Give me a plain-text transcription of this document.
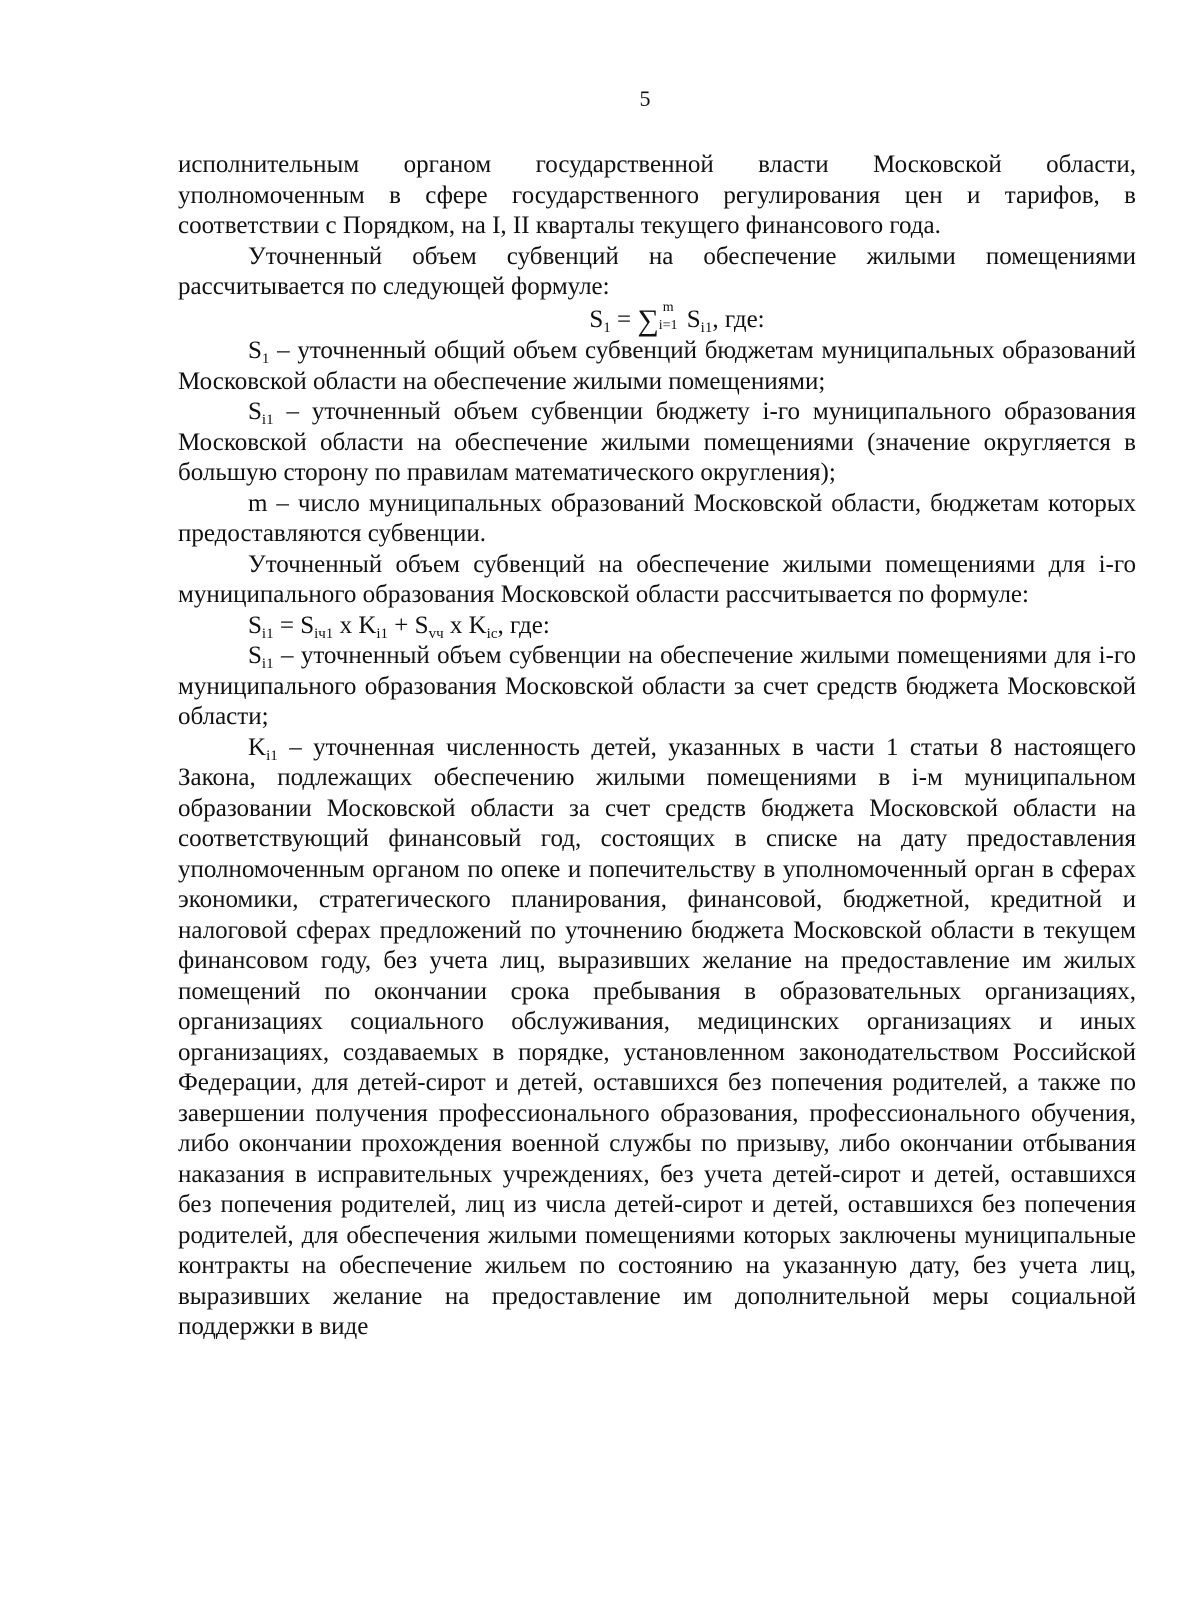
5

исполнительным органом государственной власти Московской области, уполномоченным в сфере государственного регулирования цен и тарифов, в соответствии с Порядком, на I, II кварталы текущего финансового года.

Уточненный объем субвенций на обеспечение жилыми помещениями рассчитывается по следующей формуле:

$S_1$ = ∑ m
i=1 $S_{i1}$, где:

$S_1$ – уточненный общий объем субвенций бюджетам муниципальных образований Московской области на обеспечение жилыми помещениями;

$S_{i1}$ – уточненный объем субвенции бюджету i-го муниципального образования Московской области на обеспечение жилыми помещениями (значение округляется в большую сторону по правилам математического округления);

m – число муниципальных образований Московской области, бюджетам которых предоставляются субвенции.

Уточненный объем субвенций на обеспечение жилыми помещениями для i-го муниципального образования Московской области рассчитывается по формуле:

$S_{i1} = S_{iч1}$ x $K_{i1} + S_{vч}$ x $K_{ic}$, где:

$S_{i1}$ – уточненный объем субвенции на обеспечение жилыми помещениями для i-го муниципального образования Московской области за счет средств бюджета Московской области;

$K_{i1}$ – уточненная численность детей, указанных в части 1 статьи 8 настоящего Закона, подлежащих обеспечению жилыми помещениями в i-м муниципальном образовании Московской области за счет средств бюджета Московской области на соответствующий финансовый год, состоящих в списке на дату предоставления уполномоченным органом по опеке и попечительству в уполномоченный орган в сферах экономики, стратегического планирования, финансовой, бюджетной, кредитной и налоговой сферах предложений по уточнению бюджета Московской области в текущем финансовом году, без учета лиц, выразивших желание на предоставление им жилых помещений по окончании срока пребывания в образовательных организациях, организациях социального обслуживания, медицинских организациях и иных организациях, создаваемых в порядке, установленном законодательством Российской Федерации, для детей-сирот и детей, оставшихся без попечения родителей, а также по завершении получения профессионального образования, профессионального обучения, либо окончании прохождения военной службы по призыву, либо окончании отбывания наказания в исправительных учреждениях, без учета детей-сирот и детей, оставшихся без попечения родителей, лиц из числа детей-сирот и детей, оставшихся без попечения родителей, для обеспечения жилыми помещениями которых заключены муниципальные контракты на обеспечение жильем по состоянию на указанную дату, без учета лиц, выразивших желание на предоставление им дополнительной меры социальной поддержки в виде
